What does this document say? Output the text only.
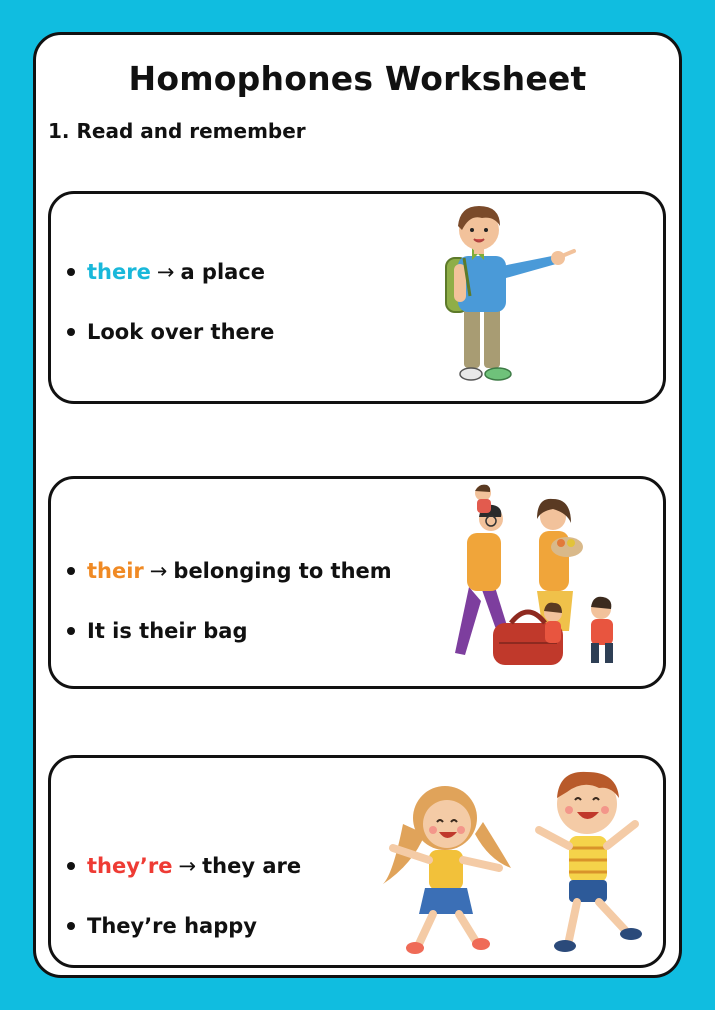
Homophones Worksheet
1. Read and remember
there → a place
Look over there
their → belonging to them
It is their bag
they’re → they are
They’re happy
